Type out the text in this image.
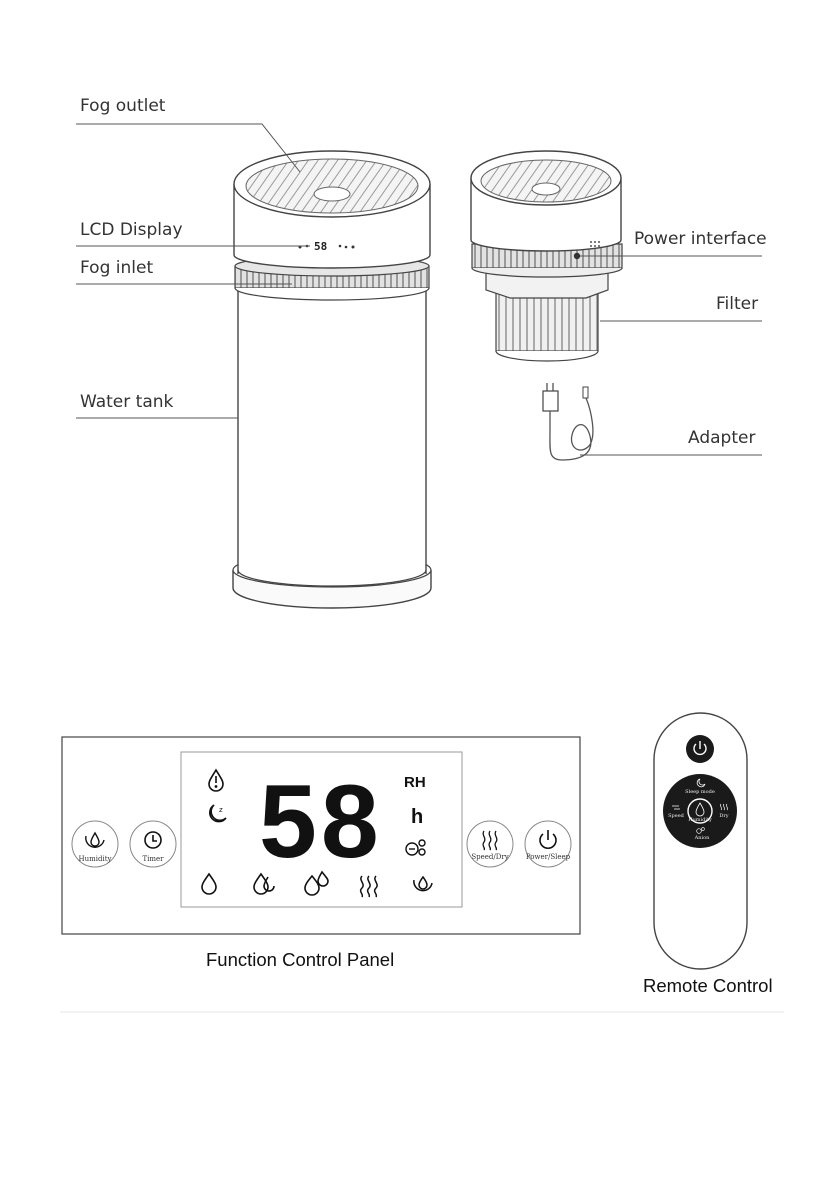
58
58 RH
h
z
Humidity	Timer	Speed/Dry Power/Sleep
Humidity
Sleep mode
Speed	Dry
Anion
Fog outlet
LCD Display
Fog inlet
Water tank
Power interface
Filter
Adapter
Function Control Panel
Remote Control
